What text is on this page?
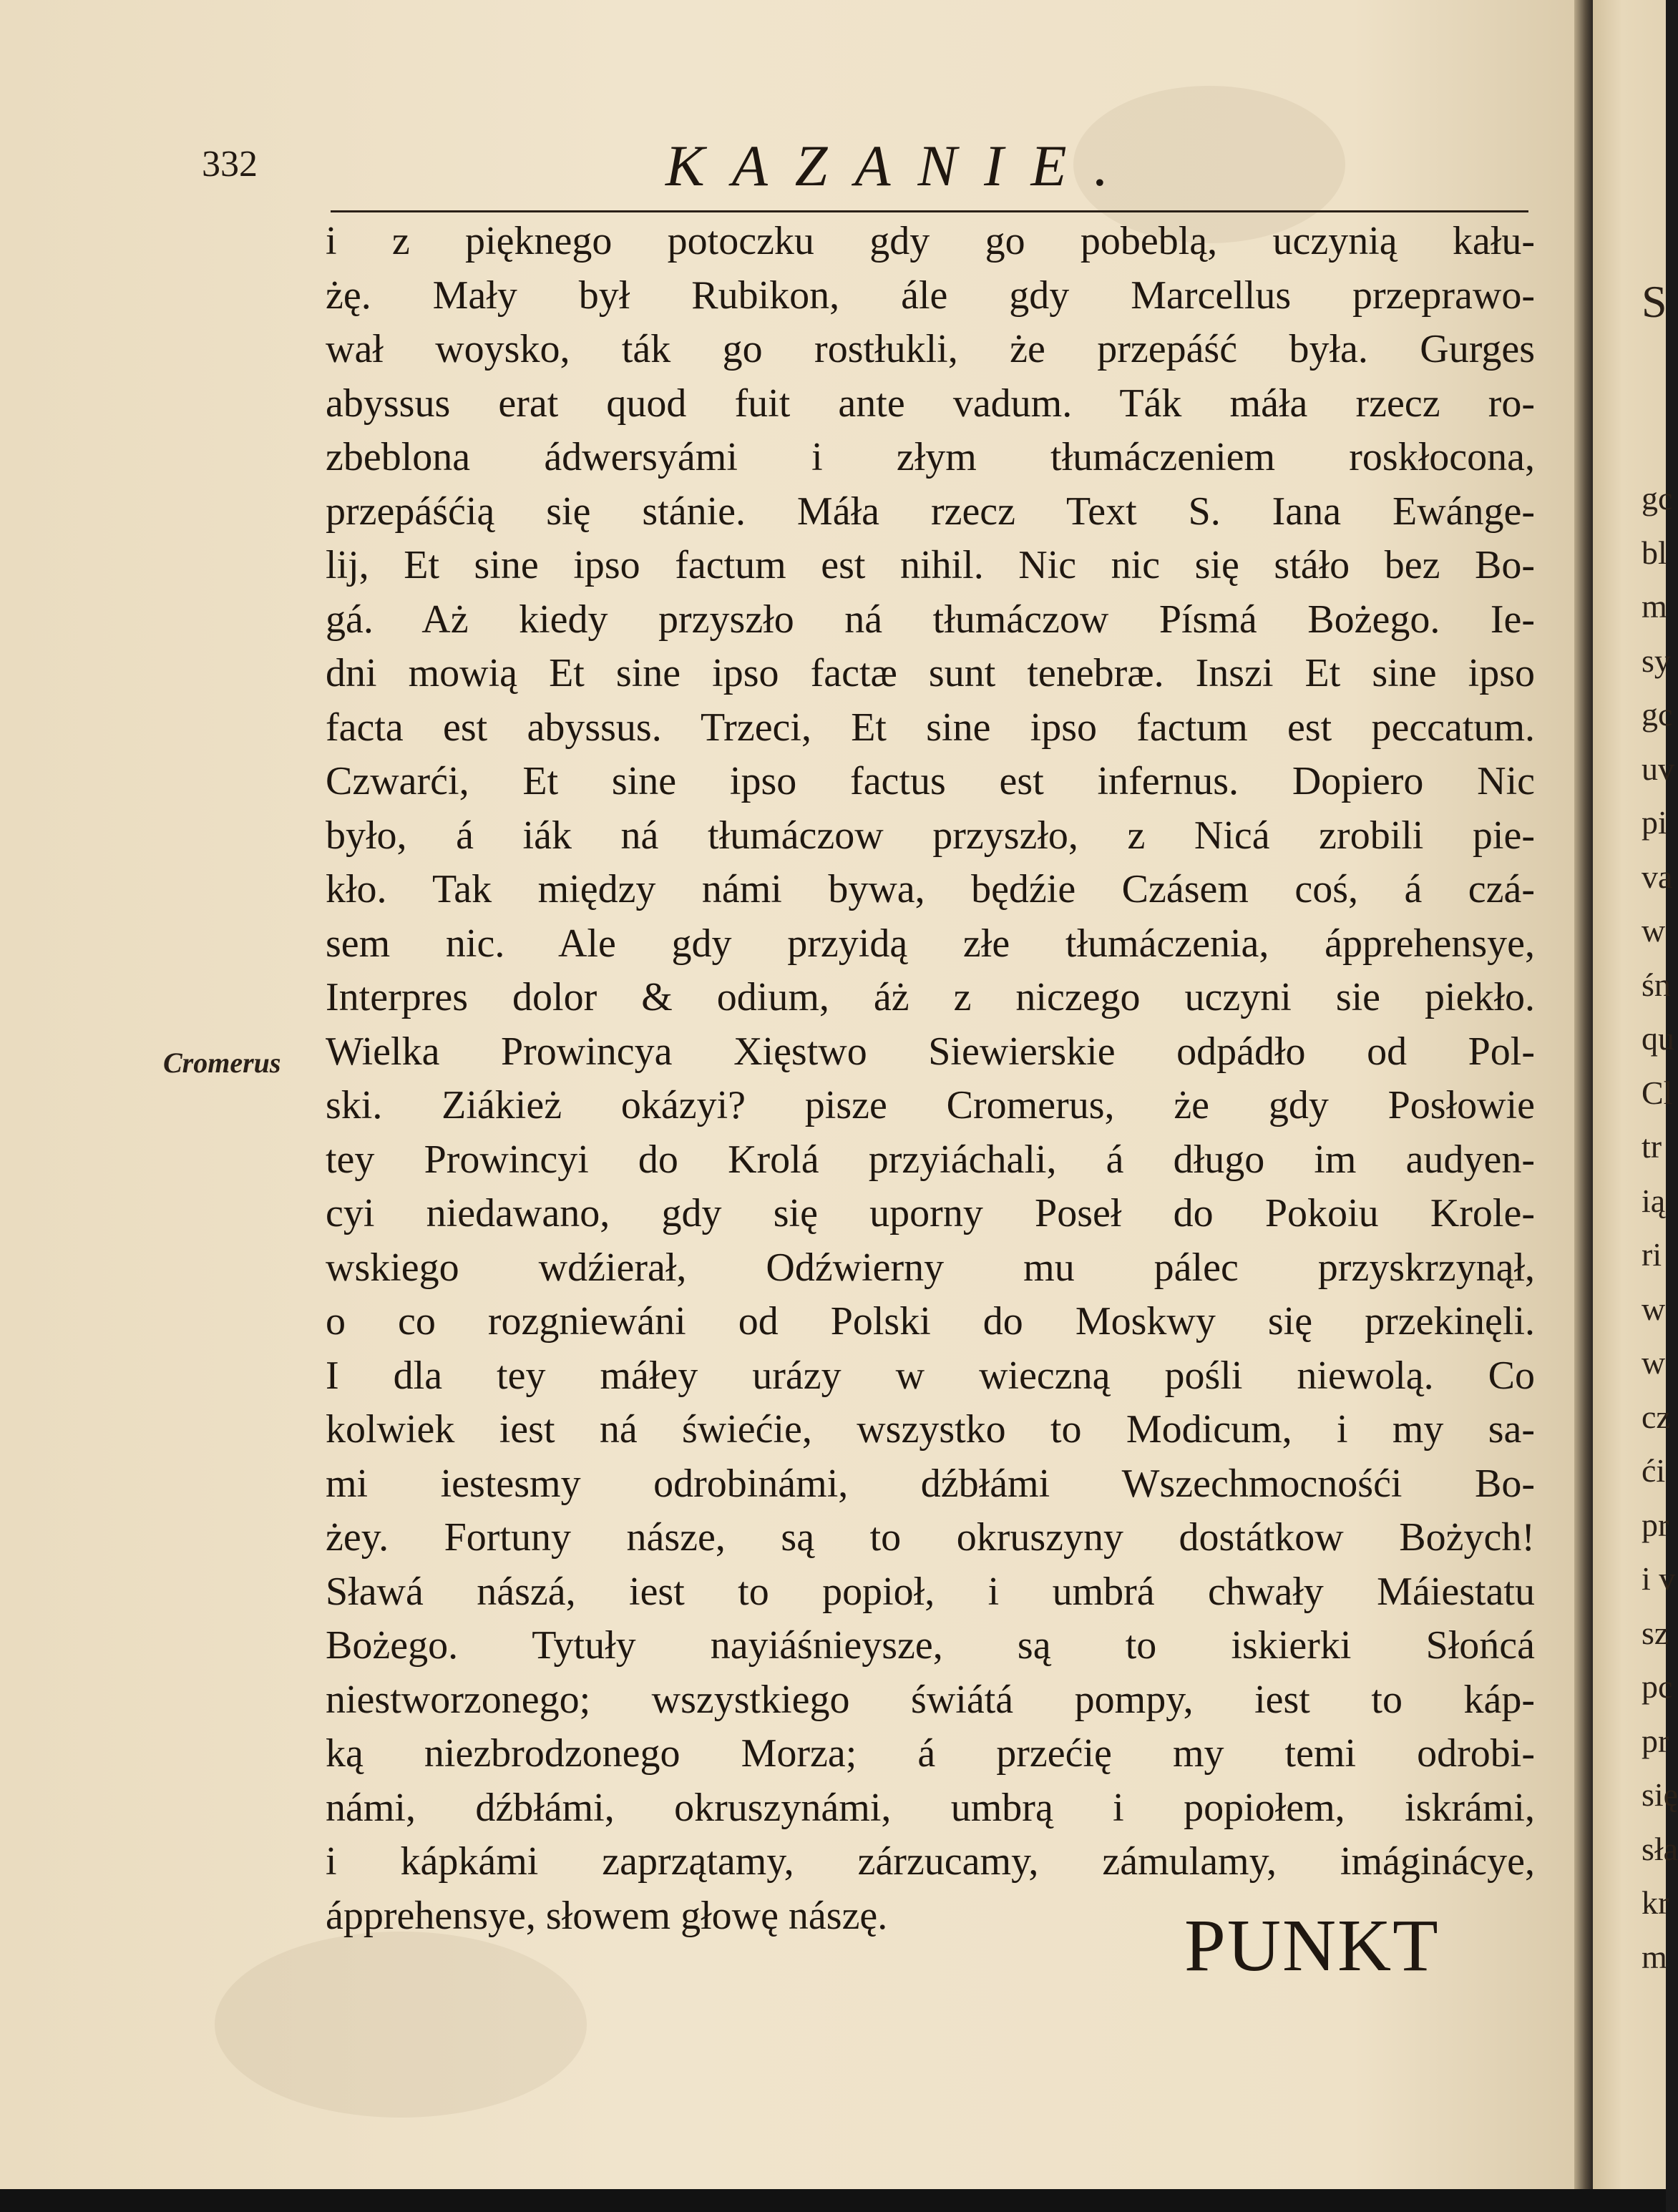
332	KAZANIE.
Cromerus
i z pięknego potoczku gdy go pobeblą, uczynią kału-
żę. Mały był Rubikon, ále gdy Marcellus przeprawo-
wał woysko, ták go rostłukli, że przepáść była. Gurges
abyssus erat quod fuit ante vadum. Ták máła rzecz ro-
zbeblona ádwersyámi i złym tłumáczeniem roskłocona,
przepáśćią się stánie. Máła rzecz Text S. Iana Ewánge-
lij, Et sine ipso factum est nihil. Nic nic się stáło bez Bo-
gá. Aż kiedy przyszło ná tłumáczow Písmá Bożego. Ie-
dni mowią Et sine ipso factæ sunt tenebræ. Inszi Et sine ipso
facta est abyssus. Trzeci, Et sine ipso factum est peccatum.
Czwarći, Et sine ipso factus est infernus. Dopiero Nic
było, á iák ná tłumáczow przyszło, z Nicá zrobili pie-
kło. Tak między námi bywa, będźie Czásem coś, á czá-
sem nic. Ale gdy przyidą złe tłumáczenia, ápprehensye,
Interpres dolor & odium, áż z niczego uczyni sie piekło.
Wielka Prowincya Xięstwo Siewierskie odpádło od Pol-
ski. Ziákież okázyi? pisze Cromerus, że gdy Posłowie
tey Prowincyi do Krolá przyiáchali, á długo im audyen-
cyi niedawano, gdy się uporny Poseł do Pokoiu Krole-
wskiego wdźierał, Odźwierny mu pálec przyskrzynął,
o co rozgniewáni od Polski do Moskwy się przekinęli.
I dla tey máłey urázy w wieczną pośli niewolą. Co
kolwiek iest ná świećie, wszystko to Modicum, i my sa-
mi iestesmy odrobinámi, dźbłámi Wszechmocnośći Bo-
żey. Fortuny násze, są to okruszyny dostátkow Bożych!
Sławá nászá, iest to popioł, i umbrá chwały Máiestatu
Bożego. Tytuły nayiáśnieysze, są to iskierki Słońcá
niestworzonego; wszystkiego świátá pompy, iest to káp-
ką niezbrodzonego Morza; á przećię my temi odrobi-
námi, dźbłámi, okruszynámi, umbrą i popiołem, iskrámi,
i kápkámi zaprzątamy, zárzucamy, zámulamy, imáginácye,
ápprehensye, słowem głowę nászę.	PUNKT
S
gc
bl
m
sy
gc
uv
pi
va
w
śn
qu
Cl
tr
ią
ri
w
w
cz
ći
pr
i v
sz
pc
pr
się
sła
kr
m
